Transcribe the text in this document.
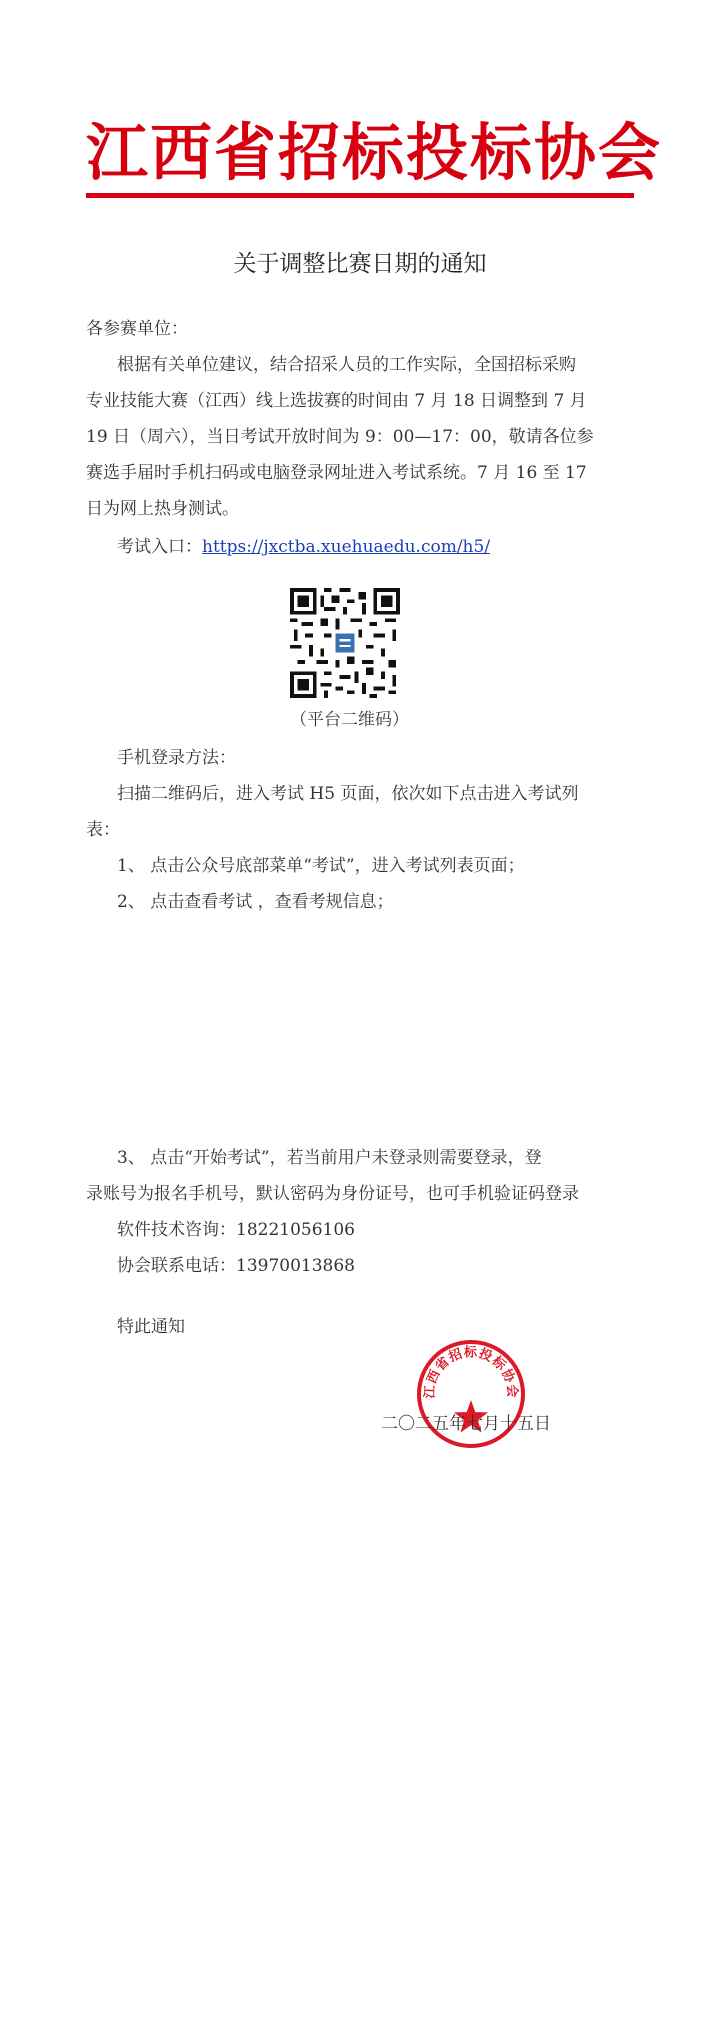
江西省招标投标协会
关于调整比赛日期的通知
各参赛单位：
根据有关单位建议，结合招采人员的工作实际，全国招标采购
专业技能大赛（江西）线上选拔赛的时间由 7 月 18 日调整到 7 月
19 日（周六），当日考试开放时间为 9：00—17：00，敬请各位参
赛选手届时手机扫码或电脑登录网址进入考试系统。7 月 16 至 17
日为网上热身测试。
考试入口：https://jxctba.xuehuaedu.com/h5/
（平台二维码）
手机登录方法：
扫描二维码后，进入考试 H5 页面，依次如下点击进入考试列
表：
1、 点击公众号底部菜单“考试”，进入考试列表页面；
2、 点击查看考试 ，查看考规信息；
3、 点击“开始考试”，若当前用户未登录则需要登录，登
录账号为报名手机号，默认密码为身份证号，也可手机验证码登录
软件技术咨询：18221056106
协会联系电话：13970013868
特此通知
江西省招标投标协会
二〇二五年七月十五日
